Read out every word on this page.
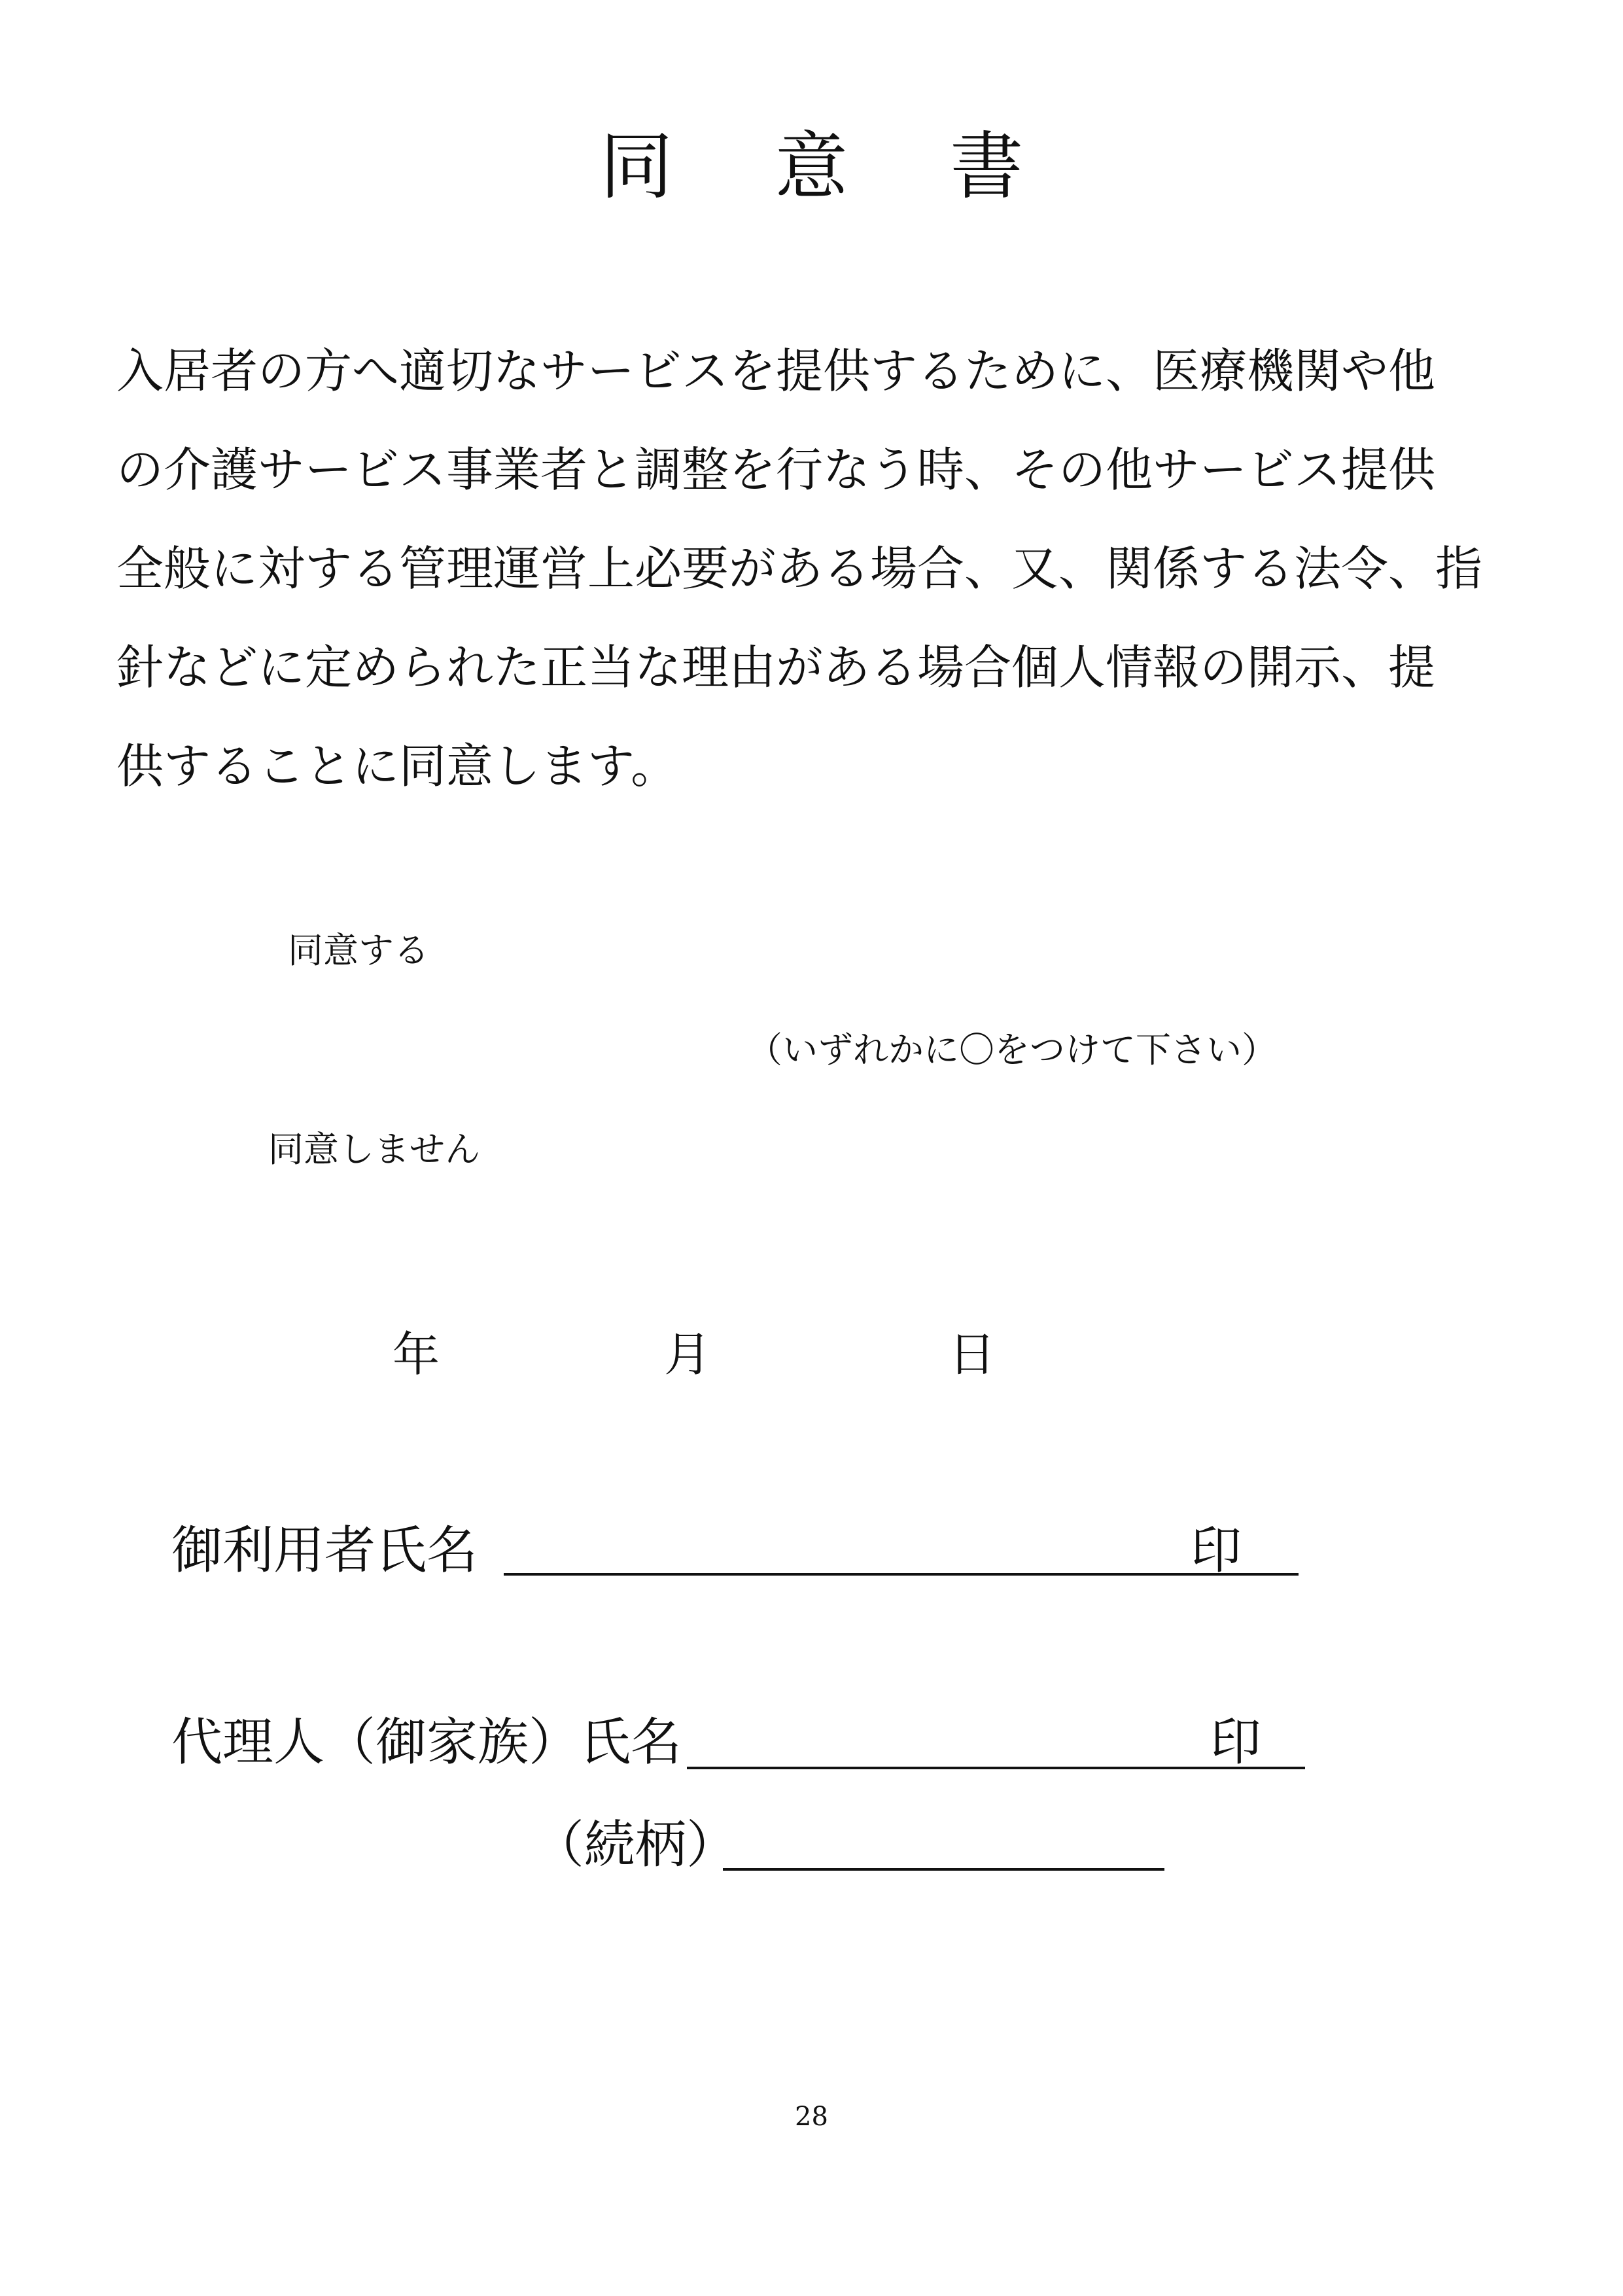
同 意 書

入居者の方へ適切なサービスを提供するために、医療機関や他
の介護サービス事業者と調整を行なう時、その他サービス提供
全般に対する管理運営上必要がある場合、又、関係する法令、指
針などに定められた正当な理由がある場合個人情報の開示、提
供することに同意します。

同意する
（いずれかに〇をつけて下さい）
同意しません
年	月	日
御利用者氏名	印
代理人（御家族）氏名	印
（続柄）
28
